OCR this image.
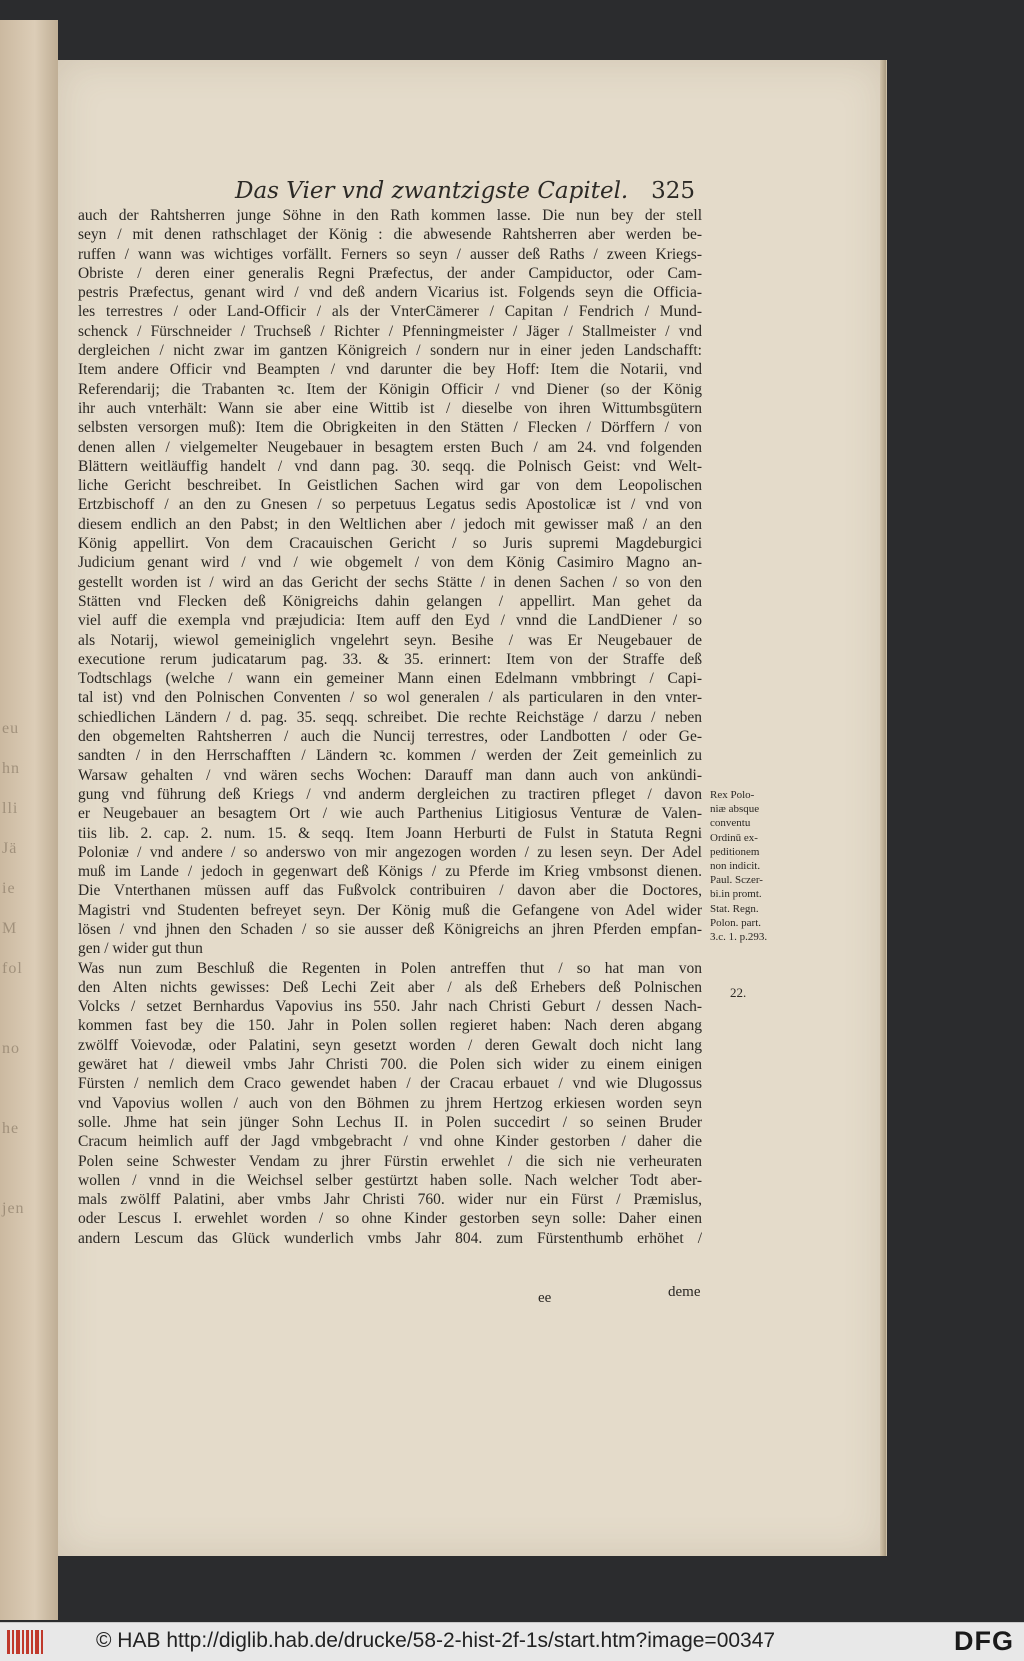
eu
hn
lli
Jä
ie
M
fol
no
he
jen
Das Vier vnd zwantzigste Capitel. 325
auch der Rahtsherren junge Söhne in den Rath kommen lasse. Die nun bey der stell
seyn / mit denen rathschlaget der König : die abwesende Rahtsherren aber werden be-
ruffen / wann was wichtiges vorfällt. Ferners so seyn / ausser deß Raths / zween Kriegs-
Obriste / deren einer generalis Regni Præfectus, der ander Campiductor, oder Cam-
pestris Præfectus, genant wird / vnd deß andern Vicarius ist. Folgends seyn die Officia-
les terrestres / oder Land-Officir / als der VnterCämerer / Capitan / Fendrich / Mund-
schenck / Fürschneider / Truchseß / Richter / Pfenningmeister / Jäger / Stallmeister / vnd
dergleichen / nicht zwar im gantzen Königreich / sondern nur in einer jeden Landschafft:
Item andere Officir vnd Beampten / vnd darunter die bey Hoff: Item die Notarii, vnd
Referendarij; die Trabanten ꝛc. Item der Königin Officir / vnd Diener (so der König
ihr auch vnterhält: Wann sie aber eine Wittib ist / dieselbe von ihren Wittumbsgütern
selbsten versorgen muß): Item die Obrigkeiten in den Stätten / Flecken / Dörffern / von
denen allen / vielgemelter Neugebauer in besagtem ersten Buch / am 24. vnd folgenden
Blättern weitläuffig handelt / vnd dann pag. 30. seqq. die Polnisch Geist: vnd Welt-
liche Gericht beschreibet. In Geistlichen Sachen wird gar von dem Leopolischen
Ertzbischoff / an den zu Gnesen / so perpetuus Legatus sedis Apostolicæ ist / vnd von
diesem endlich an den Pabst; in den Weltlichen aber / jedoch mit gewisser maß / an den
König appellirt. Von dem Cracauischen Gericht / so Juris supremi Magdeburgici
Judicium genant wird / vnd / wie obgemelt / von dem König Casimiro Magno an-
gestellt worden ist / wird an das Gericht der sechs Stätte / in denen Sachen / so von den
Stätten vnd Flecken deß Königreichs dahin gelangen / appellirt. Man gehet da
viel auff die exempla vnd præjudicia: Item auff den Eyd / vnnd die LandDiener / so
als Notarij, wiewol gemeiniglich vngelehrt seyn. Besihe / was Er Neugebauer de
executione rerum judicatarum pag. 33. & 35. erinnert: Item von der Straffe deß
Todtschlags (welche / wann ein gemeiner Mann einen Edelmann vmbbringt / Capi-
tal ist) vnd den Polnischen Conventen / so wol generalen / als particularen in den vnter-
schiedlichen Ländern / d. pag. 35. seqq. schreibet. Die rechte Reichstäge / darzu / neben
den obgemelten Rahtsherren / auch die Nuncij terrestres, oder Landbotten / oder Ge-
sandten / in den Herrschafften / Ländern ꝛc. kommen / werden der Zeit gemeinlich zu
Warsaw gehalten / vnd wären sechs Wochen: Darauff man dann auch von ankündi-
gung vnd führung deß Kriegs / vnd anderm dergleichen zu tractiren pfleget / davon
er Neugebauer an besagtem Ort / wie auch Parthenius Litigiosus Venturæ de Valen-
tiis lib. 2. cap. 2. num. 15. & seqq. Item Joann Herburti de Fulst in Statuta Regni
Poloniæ / vnd andere / so anderswo von mir angezogen worden / zu lesen seyn. Der Adel
muß im Lande / jedoch in gegenwart deß Königs / zu Pferde im Krieg vmbsonst dienen.
Die Vnterthanen müssen auff das Fußvolck contribuiren / davon aber die Doctores,
Magistri vnd Studenten befreyet seyn. Der König muß die Gefangene von Adel wider
lösen / vnd jhnen den Schaden / so sie ausser deß Königreichs an jhren Pferden empfan-
gen / wider gut thun
Was nun zum Beschluß die Regenten in Polen antreffen thut / so hat man von
den Alten nichts gewisses: Deß Lechi Zeit aber / als deß Erhebers deß Polnischen
Volcks / setzet Bernhardus Vapovius ins 550. Jahr nach Christi Geburt / dessen Nach-
kommen fast bey die 150. Jahr in Polen sollen regieret haben: Nach deren abgang
zwölff Voievodæ, oder Palatini, seyn gesetzt worden / deren Gewalt doch nicht lang
gewäret hat / dieweil vmbs Jahr Christi 700. die Polen sich wider zu einem einigen
Fürsten / nemlich dem Craco gewendet haben / der Cracau erbauet / vnd wie Dlugossus
vnd Vapovius wollen / auch von den Böhmen zu jhrem Hertzog erkiesen worden seyn
solle. Jhme hat sein jünger Sohn Lechus II. in Polen succedirt / so seinen Bruder
Cracum heimlich auff der Jagd vmbgebracht / vnd ohne Kinder gestorben / daher die
Polen seine Schwester Vendam zu jhrer Fürstin erwehlet / die sich nie verheuraten
wollen / vnnd in die Weichsel selber gestürtzt haben solle. Nach welcher Todt aber-
mals zwölff Palatini, aber vmbs Jahr Christi 760. wider nur ein Fürst / Præmislus,
oder Lescus I. erwehlet worden / so ohne Kinder gestorben seyn solle: Daher einen
andern Lescum das Glück wunderlich vmbs Jahr 804. zum Fürstenthumb erhöhet /
Rex Polo-
niæ absque
conventu
Ordinū ex-
peditionem
non indicit.
Paul. Sczer-
bi.in promt.
Stat. Regn.
Polon. part.
3.c. 1. p.293.
22.
ee	deme
© HAB http://diglib.hab.de/drucke/58-2-hist-2f-1s/start.htm?image=00347	DFG
